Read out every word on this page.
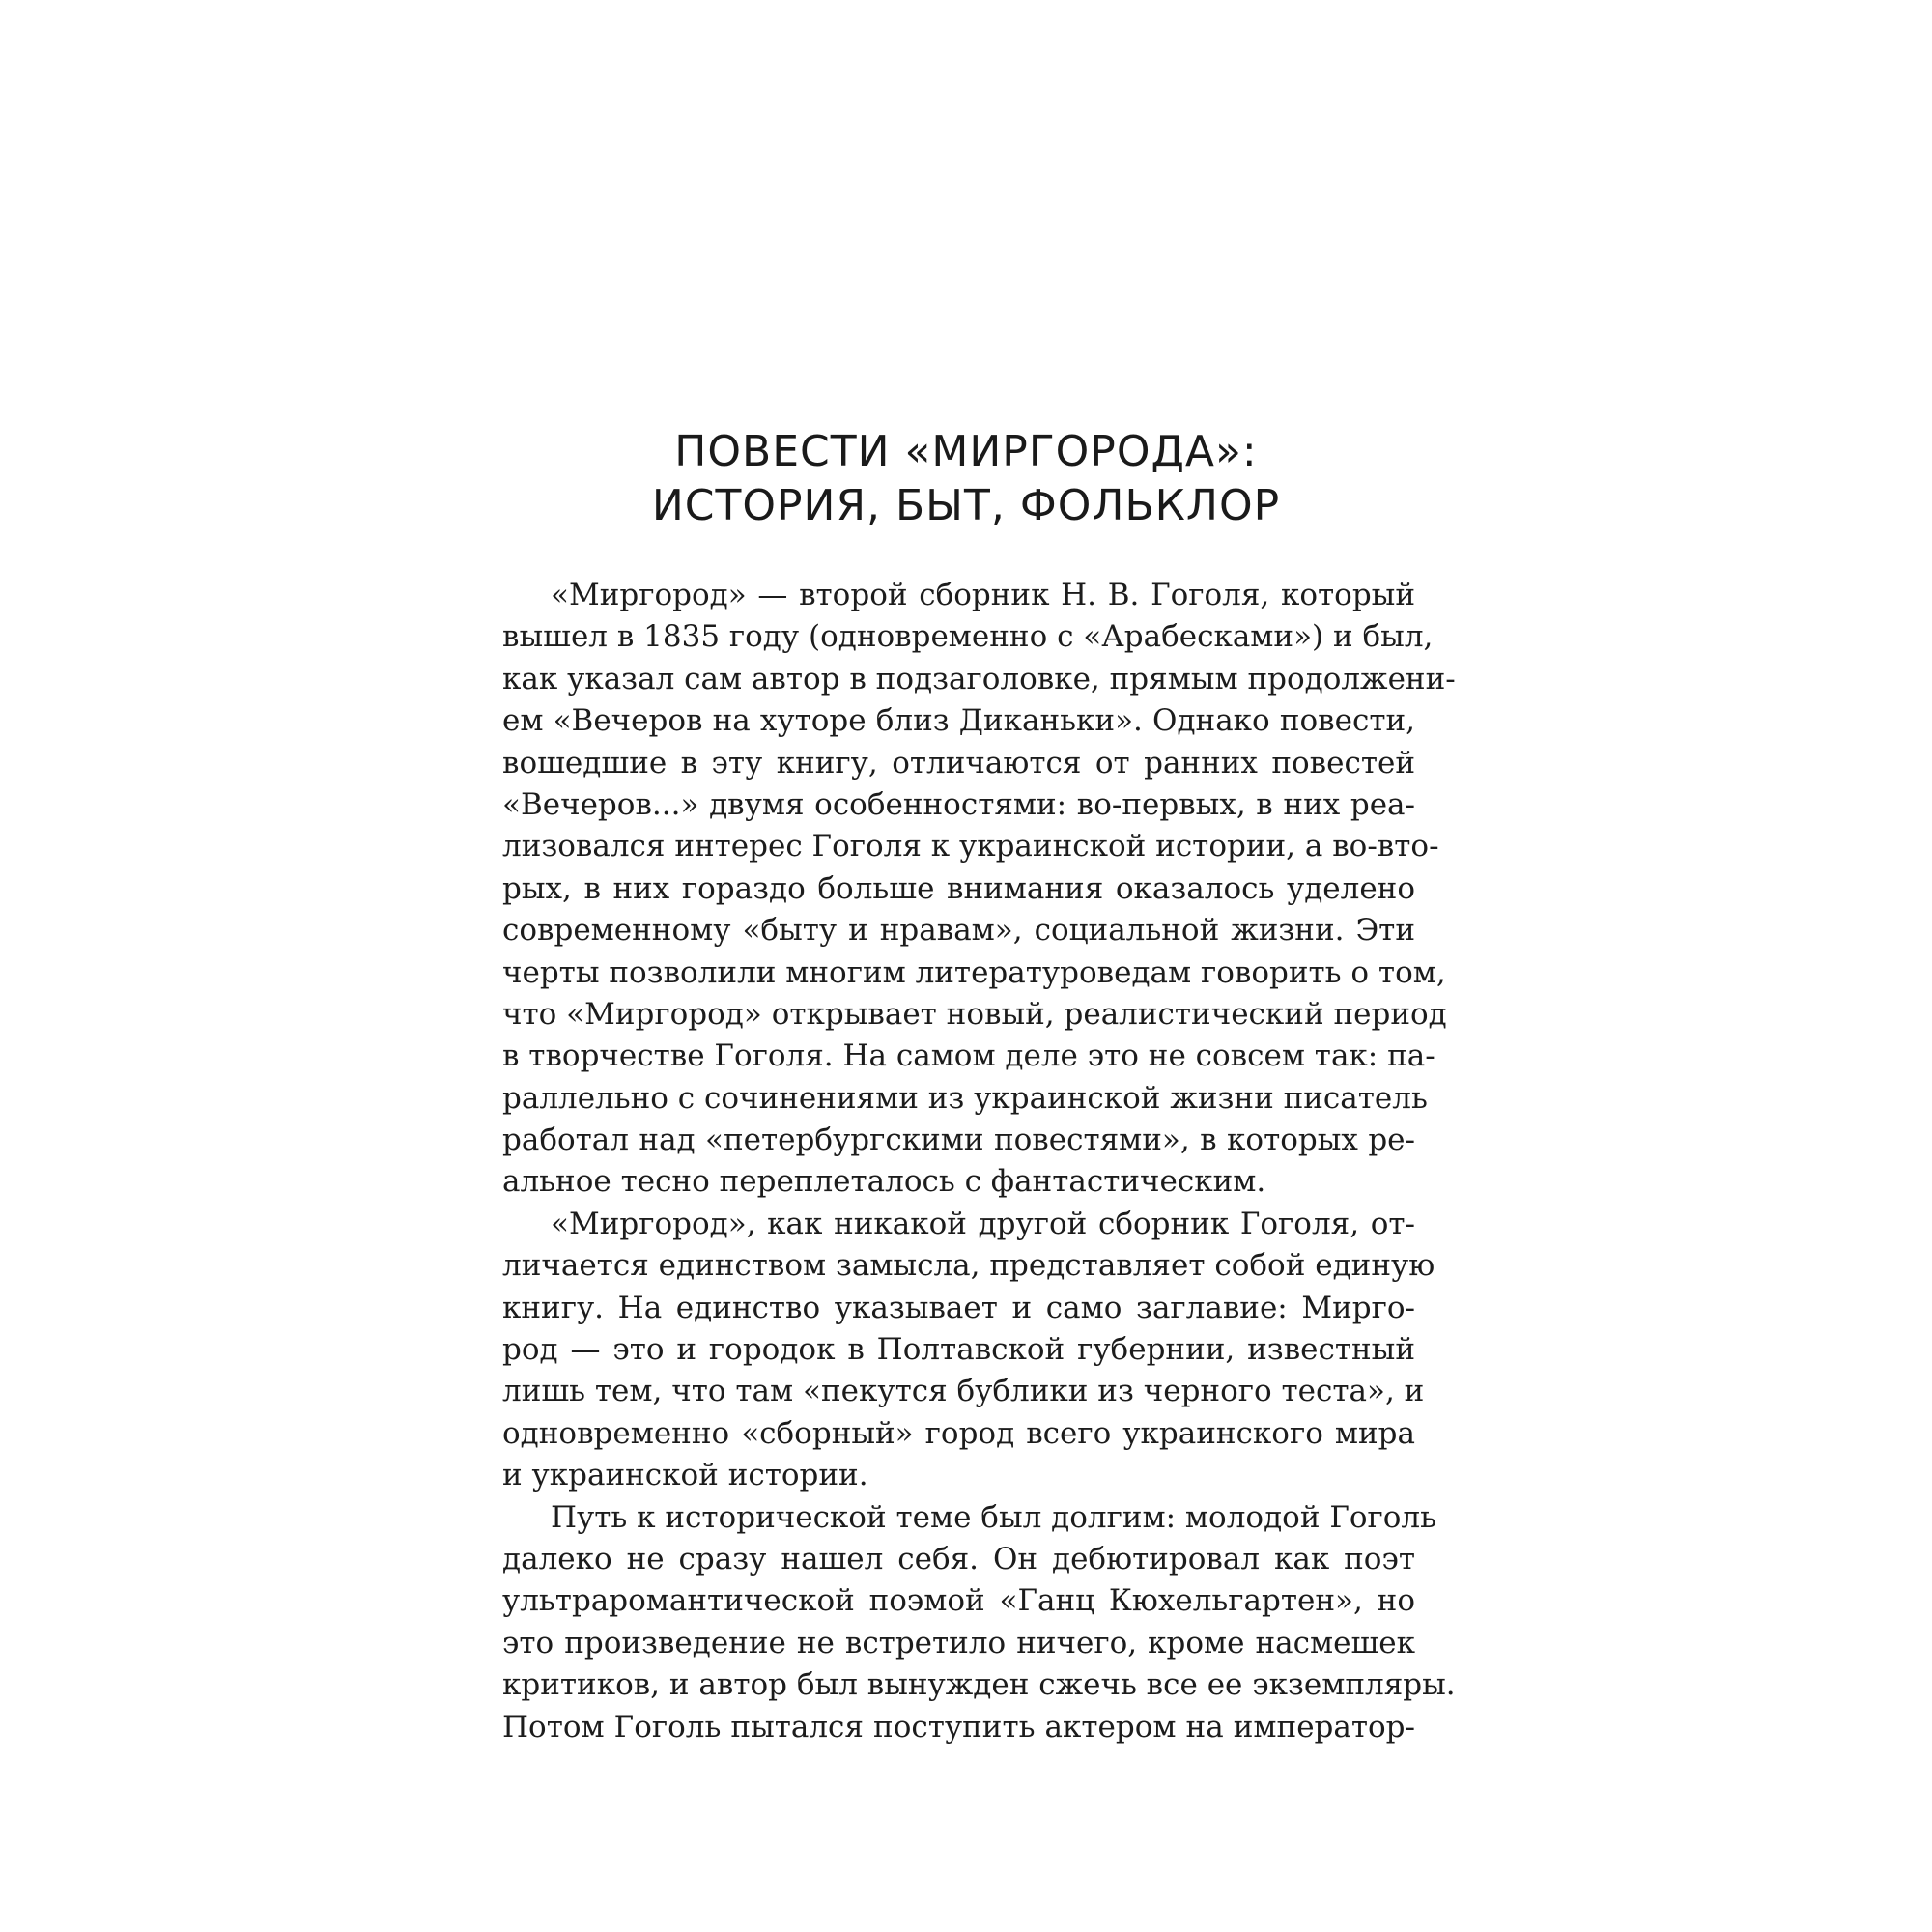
ПОВЕСТИ «МИРГОРОДА»:
ИСТОРИЯ, БЫТ, ФОЛЬКЛОР
«Миргород» — второй сборник Н. В. Гоголя, который
вышел в 1835 году (одновременно с «Арабесками») и был,
как указал сам автор в подзаголовке, прямым продолжени-
ем «Вечеров на хуторе близ Диканьки». Однако повести,
вошедшие в эту книгу, отличаются от ранних повестей
«Вечеров...» двумя особенностями: во-первых, в них реа-
лизовался интерес Гоголя к украинской истории, а во-вто-
рых, в них гораздо больше внимания оказалось уделено
современному «быту и нравам», социальной жизни. Эти
черты позволили многим литературоведам говорить о том,
что «Миргород» открывает новый, реалистический период
в творчестве Гоголя. На самом деле это не совсем так: па-
раллельно с сочинениями из украинской жизни писатель
работал над «петербургскими повестями», в которых ре-
альное тесно переплеталось с фантастическим.
«Миргород», как никакой другой сборник Гоголя, от-
личается единством замысла, представляет собой единую
книгу. На единство указывает и само заглавие: Мирго-
род — это и городок в Полтавской губернии, известный
лишь тем, что там «пекутся бублики из черного теста», и
одновременно «сборный» город всего украинского мира
и украинской истории.
Путь к исторической теме был долгим: молодой Гоголь
далеко не сразу нашел себя. Он дебютировал как поэт
ультраромантической поэмой «Ганц Кюхельгартен», но
это произведение не встретило ничего, кроме насмешек
критиков, и автор был вынужден сжечь все ее экземпляры.
Потом Гоголь пытался поступить актером на император-
